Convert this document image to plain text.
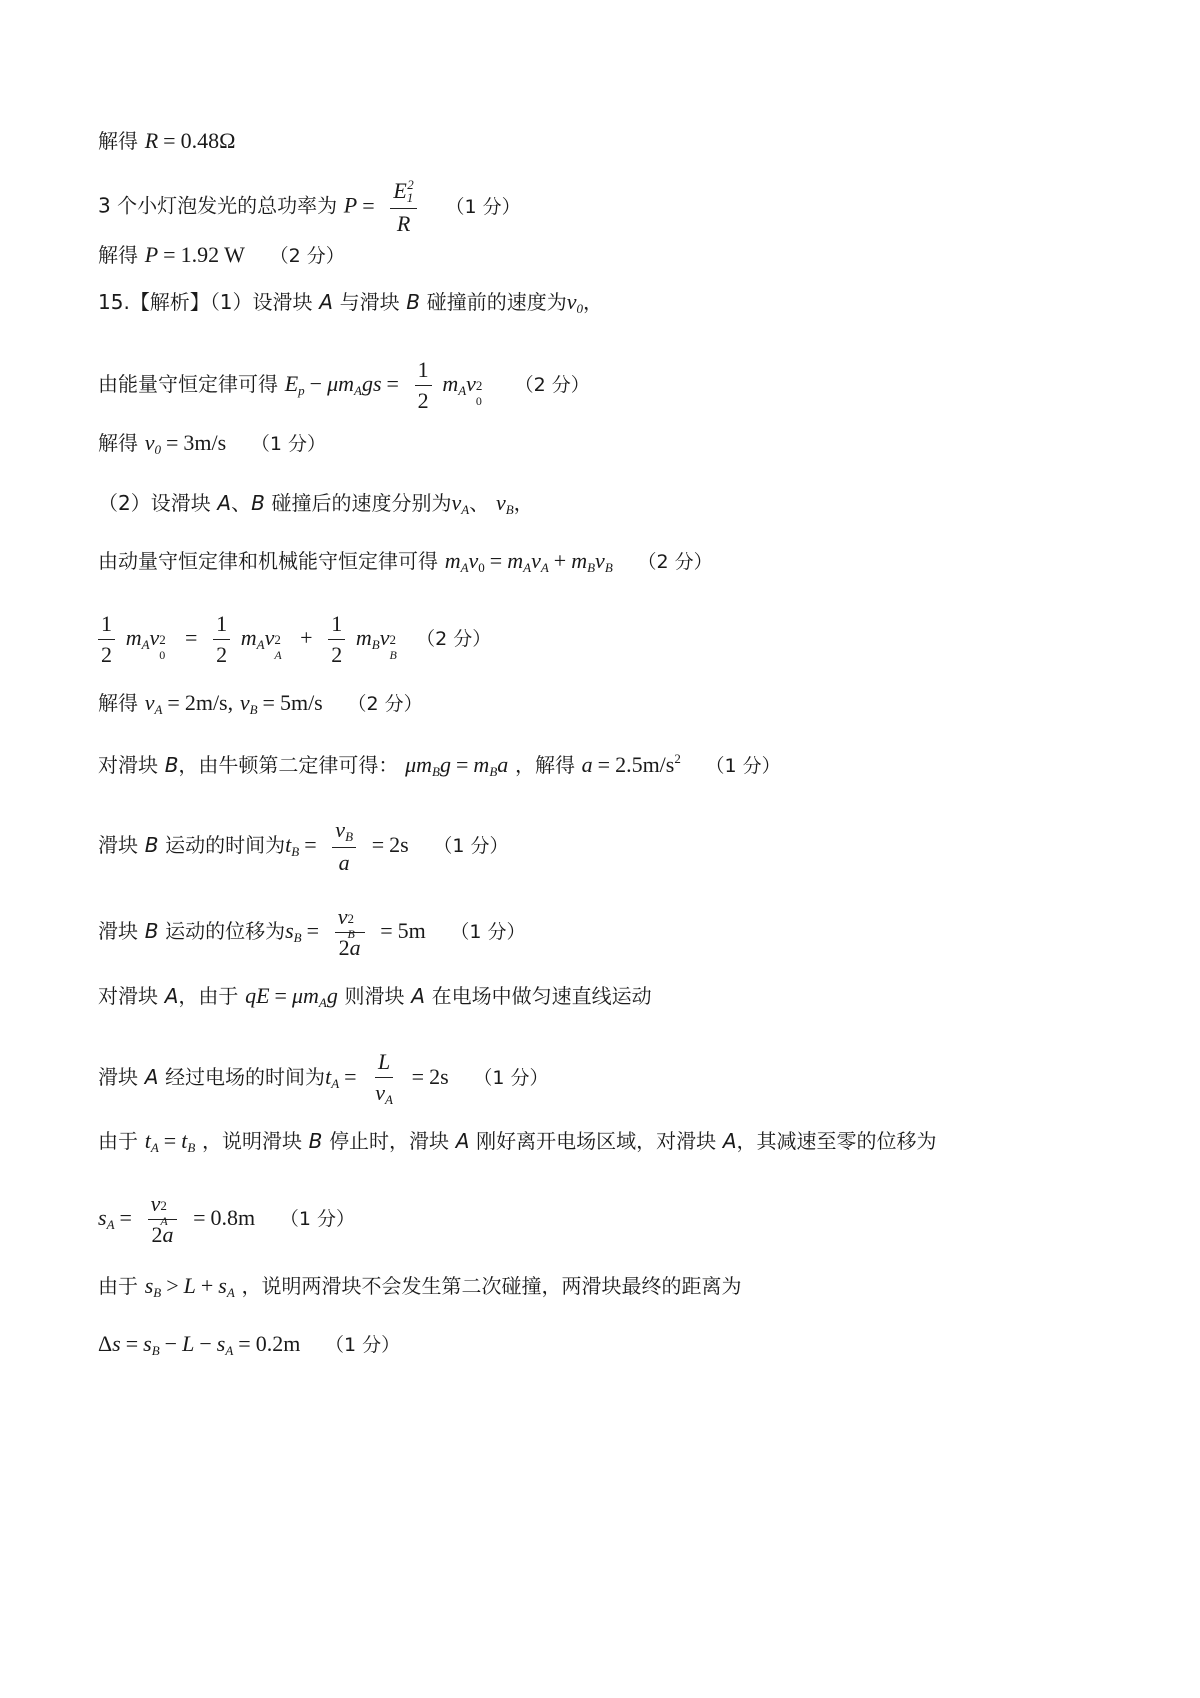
解得 R = 0.48Ω
3 个小灯泡发光的总功率为 $P = \frac{E_1^2}{R} (1$ 分）
解得 P = 1.92 W （2 分）
15.【解析】（1）设滑块 A 与滑块 B 碰撞前的速度为$v_0$，
由能量守恒定律可得 $E_p - \mu m_Ags = \frac{1}{2} m_Av$ 2
0
（2 分）
解得 $v_0 = 3m/s$ （1 分）
（2）设滑块 A、B 碰撞后的速度分别为$v_A$、 $v_B$，
由动量守恒定律和机械能守恒定律可得 $m_Av_0 = m_Av_A + m_Bv_B$ （2 分）
$\frac{1}{2} m_Av$ 2
0
= $\frac{1}{2} m_Av$ 2
A
+ $\frac{1}{2} m_Bv$ 2
B
（2 分）
解得 $v_A = 2m/s$, $v_B = 5m/s$ （2 分）
对滑块 B，由牛顿第二定律可得： $\mu m_Bg = m_Ba$ ，解得 $a = 2.5m/s^2$ （1 分）
滑块 B 运动的时间为$t_B = \frac{v_B}{a} = 2s$ （1 分）
滑块 B 运动的位移为$s_B = v$ 2
B
2a = 5m （1 分）
对滑块 A，由于 qE = $\mu m_Ag$ 则滑块 A 在电场中做匀速直线运动
滑块 A 经过电场的时间为$t_A = \frac{L}{v_A} = 2s$ （1 分）
由于 $t_A = t_B$ ，说明滑块 B 停止时，滑块 A 刚好离开电场区域，对滑块 A，其减速至零的位移为
$s_A = v$ 2
A
2a = 0.8m （1 分）
由于 $s_B > L + s_A$ ，说明两滑块不会发生第二次碰撞，两滑块最终的距离为
$\Delta s = s_B - L - s_A = 0.2m$ （1 分）
